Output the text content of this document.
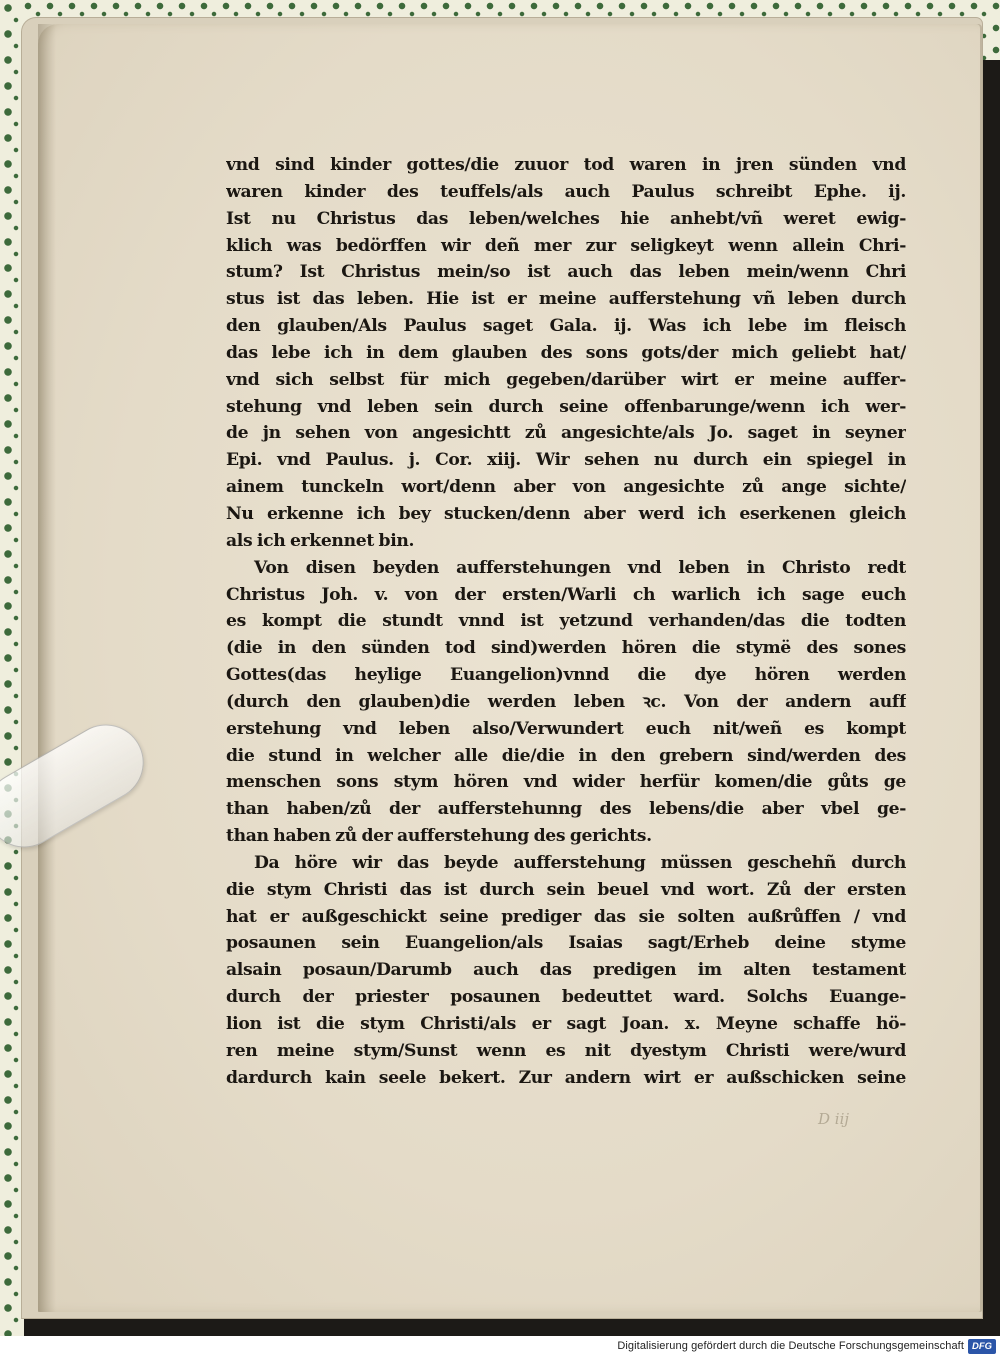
vnd sind kinder gottes/die zuuor tod waren in jren sünden vnd
waren kinder des teuffels/als auch Paulus schreibt Ephe. ij.
Ist nu Christus das leben/welches hie anhebt/vñ weret ewig-
klich was bedörffen wir deñ mer zur seligkeyt wenn allein Chri-
stum? Ist Christus mein/so ist auch das leben mein/wenn Chri
stus ist das leben. Hie ist er meine aufferstehung vñ leben durch
den glauben/Als Paulus saget Gala. ij. Was ich lebe im fleisch
das lebe ich in dem glauben des sons gots/der mich geliebt hat/
vnd sich selbst für mich gegeben/darüber wirt er meine auffer-
stehung vnd leben sein durch seine offenbarunge/wenn ich wer-
de jn sehen von angesichtt zů angesichte/als Jo. saget in seyner
Epi. vnd Paulus. j. Cor. xiij. Wir sehen nu durch ein spiegel in
ainem tunckeln wort/denn aber von angesichte zů ange sichte/
Nu erkenne ich bey stucken/denn aber werd ich eserkenen gleich
als ich erkennet bin.
Von disen beyden aufferstehungen vnd leben in Christo redt
Christus Joh. v. von der ersten/Warli ch warlich ich sage euch
es kompt die stundt vnnd ist yetzund verhanden/das die todten
(die in den sünden tod sind)werden hören die stymë des sones
Gottes(das heylige Euangelion)vnnd die dye hören werden
(durch den glauben)die werden leben ꝛc. Von der andern auff
erstehung vnd leben also/Verwundert euch nit/weñ es kompt
die stund in welcher alle die/die in den grebern sind/werden des
menschen sons stym hören vnd wider herfür komen/die gůts ge
than haben/zů der aufferstehunng des lebens/die aber vbel ge-
than haben zů der aufferstehung des gerichts.
Da höre wir das beyde aufferstehung müssen geschehñ durch
die stym Christi das ist durch sein beuel vnd wort. Zů der ersten
hat er außgeschickt seine prediger das sie solten außrůffen / vnd
posaunen sein Euangelion/als Isaias sagt/Erheb deine styme
alsain posaun/Darumb auch das predigen im alten testament
durch der priester posaunen bedeuttet ward. Solchs Euange-
lion ist die stym Christi/als er sagt Joan. x. Meyne schaffe hö-
ren meine stym/Sunst wenn es nit dyestym Christi were/wurd
dardurch kain seele bekert. Zur andern wirt er außschicken seine
D iij
Digitalisierung gefördert durch die Deutsche Forschungsgemeinschaft DFG
